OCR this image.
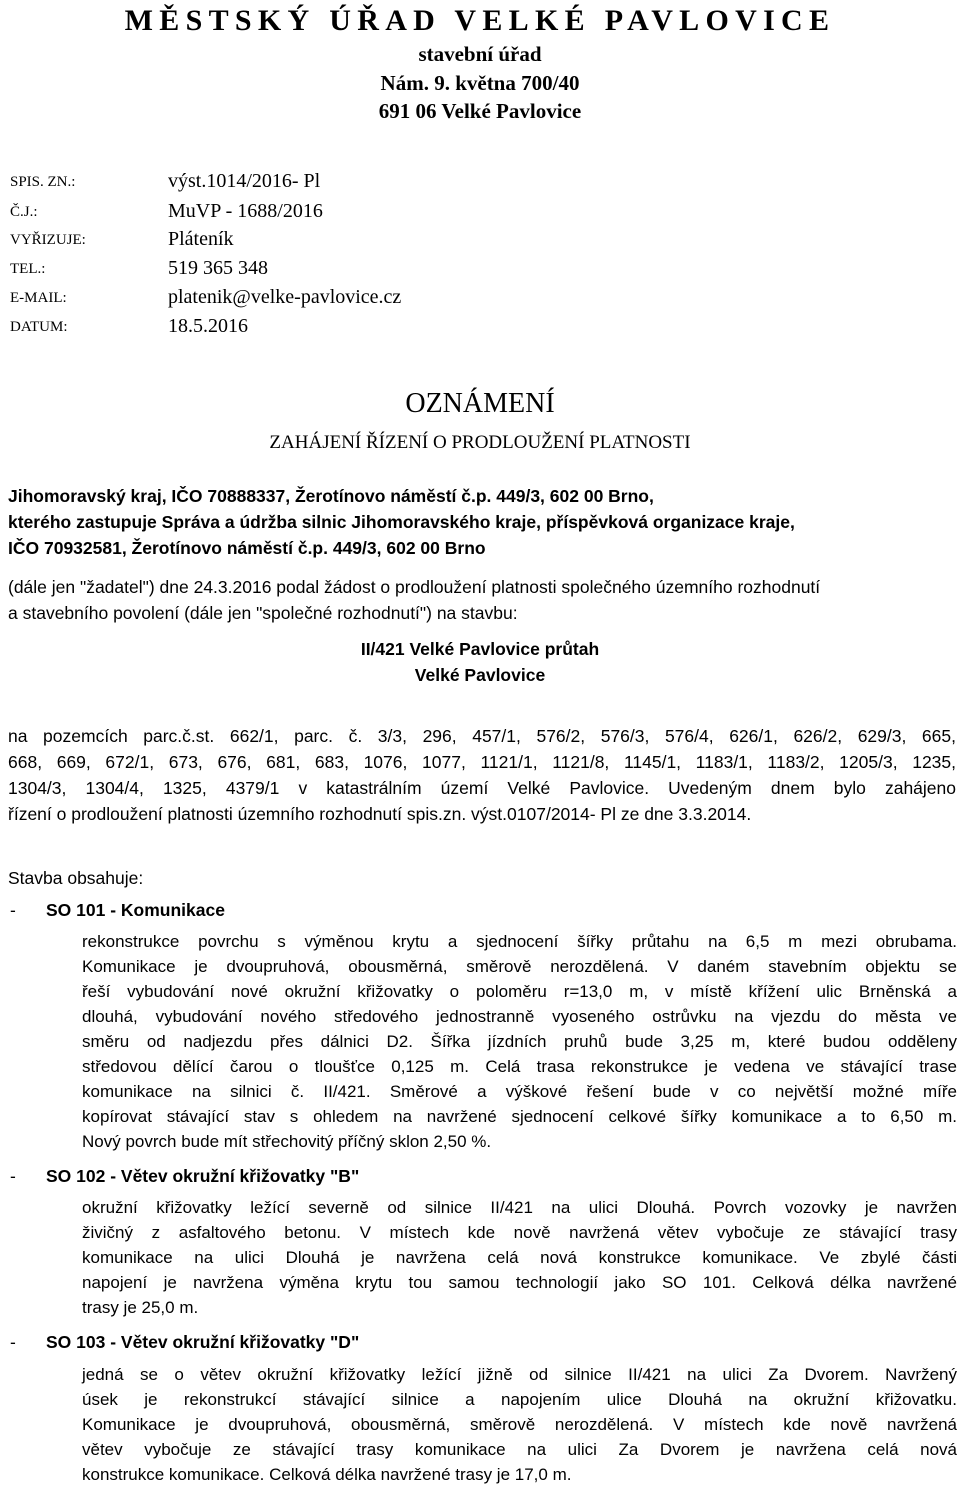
MĚSTSKÝ ÚŘAD VELKÉ PAVLOVICE
stavební úřad
Nám. 9. května 700/40
691 06 Velké Pavlovice
SPIS. ZN.:	výst.1014/2016- Pl
Č.J.:	MuVP - 1688/2016
VYŘIZUJE:	Pláteník
TEL.:	519 365 348
E-MAIL:	platenik@velke-pavlovice.cz
DATUM:	18.5.2016
OZNÁMENÍ
ZAHÁJENÍ ŘÍZENÍ O PRODLOUŽENÍ PLATNOSTI
Jihomoravský kraj, IČO 70888337, Žerotínovo náměstí č.p. 449/3, 602 00 Brno,
kterého zastupuje Správa a údržba silnic Jihomoravského kraje, příspěvková organizace kraje,
IČO 70932581, Žerotínovo náměstí č.p. 449/3, 602 00 Brno
(dále jen "žadatel") dne 24.3.2016 podal žádost o prodloužení platnosti společného územního rozhodnutí
a stavebního povolení (dále jen "společné rozhodnutí") na stavbu:
II/421 Velké Pavlovice průtah
Velké Pavlovice
na pozemcích parc.č.st. 662/1, parc. č. 3/3, 296, 457/1, 576/2, 576/3, 576/4, 626/1, 626/2, 629/3, 665,
668, 669, 672/1, 673, 676, 681, 683, 1076, 1077, 1121/1, 1121/8, 1145/1, 1183/1, 1183/2, 1205/3, 1235,
1304/3, 1304/4, 1325, 4379/1 v katastrálním území Velké Pavlovice. Uvedeným dnem bylo zahájeno
řízení o prodloužení platnosti územního rozhodnutí spis.zn. výst.0107/2014- Pl ze dne 3.3.2014.
Stavba obsahuje:
- SO 101 - Komunikace
rekonstrukce povrchu s výměnou krytu a sjednocení šířky průtahu na 6,5 m mezi obrubama.
Komunikace je dvoupruhová, obousměrná, směrově nerozdělená. V daném stavebním objektu se
řeší vybudování nové okružní křižovatky o poloměru r=13,0 m, v místě křížení ulic Brněnská a
dlouhá, vybudování nového středového jednostranně vyoseného ostrůvku na vjezdu do města ve
směru od nadjezdu přes dálnici D2. Šířka jízdních pruhů bude 3,25 m, které budou odděleny
středovou dělící čarou o tloušťce 0,125 m. Celá trasa rekonstrukce je vedena ve stávající trase
komunikace na silnici č. II/421. Směrové a výškové řešení bude v co největší možné míře
kopírovat stávající stav s ohledem na navržené sjednocení celkové šířky komunikace a to 6,50 m.
Nový povrch bude mít střechovitý příčný sklon 2,50 %.
- SO 102 - Větev okružní křižovatky "B"
okružní křižovatky ležící severně od silnice II/421 na ulici Dlouhá. Povrch vozovky je navržen
živičný z asfaltového betonu. V místech kde nově navržená větev vybočuje ze stávající trasy
komunikace na ulici Dlouhá je navržena celá nová konstrukce komunikace. Ve zbylé části
napojení je navržena výměna krytu tou samou technologií jako SO 101. Celková délka navržené
trasy je 25,0 m.
- SO 103 - Větev okružní křižovatky "D"
jedná se o větev okružní křižovatky ležící jižně od silnice II/421 na ulici Za Dvorem. Navržený
úsek je rekonstrukcí stávající silnice a napojením ulice Dlouhá na okružní křižovatku.
Komunikace je dvoupruhová, obousměrná, směrově nerozdělená. V místech kde nově navržená
větev vybočuje ze stávající trasy komunikace na ulici Za Dvorem je navržena celá nová
konstrukce komunikace. Celková délka navržené trasy je 17,0 m.
